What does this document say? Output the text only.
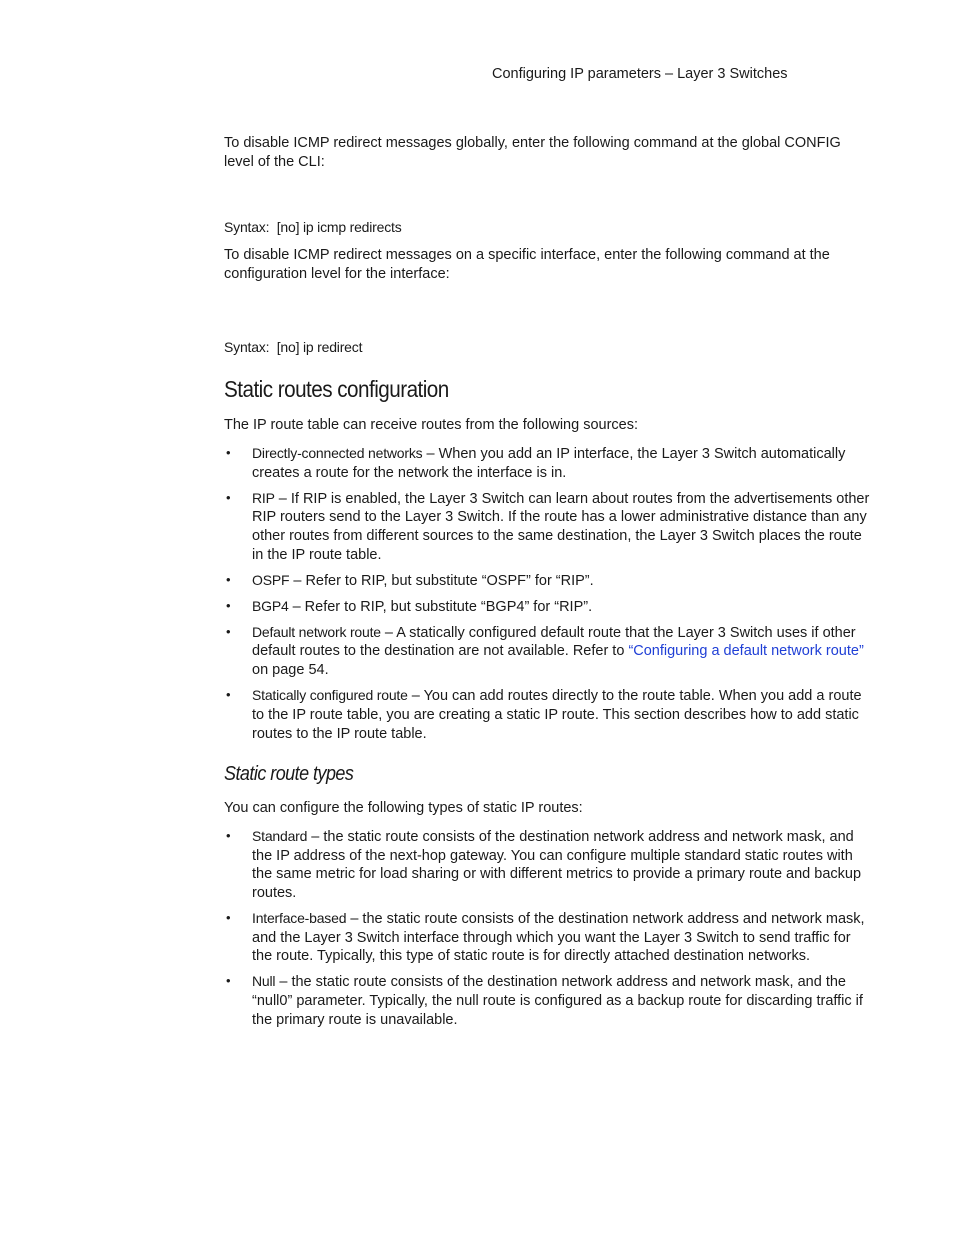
Configuring IP parameters – Layer 3 Switches

To disable ICMP redirect messages globally, enter the following command at the global CONFIG level of the CLI:

Syntax: [no] ip icmp redirects

To disable ICMP redirect messages on a specific interface, enter the following command at the configuration level for the interface:

Syntax: [no] ip redirect

Static routes configuration

The IP route table can receive routes from the following sources:

• Directly-connected networks – When you add an IP interface, the Layer 3 Switch automatically creates a route for the network the interface is in.
• RIP – If RIP is enabled, the Layer 3 Switch can learn about routes from the advertisements other RIP routers send to the Layer 3 Switch. If the route has a lower administrative distance than any other routes from different sources to the same destination, the Layer 3 Switch places the route in the IP route table.
• OSPF – Refer to RIP, but substitute “OSPF” for “RIP”.
• BGP4 – Refer to RIP, but substitute “BGP4” for “RIP”.
• Default network route – A statically configured default route that the Layer 3 Switch uses if other default routes to the destination are not available. Refer to “Configuring a default network route” on page 54.
• Statically configured route – You can add routes directly to the route table. When you add a route to the IP route table, you are creating a static IP route. This section describes how to add static routes to the IP route table.
Static route types

You can configure the following types of static IP routes:

• Standard – the static route consists of the destination network address and network mask, and the IP address of the next-hop gateway. You can configure multiple standard static routes with the same metric for load sharing or with different metrics to provide a primary route and backup routes.
• Interface-based – the static route consists of the destination network address and network mask, and the Layer 3 Switch interface through which you want the Layer 3 Switch to send traffic for the route. Typically, this type of static route is for directly attached destination networks.
• Null – the static route consists of the destination network address and network mask, and the “null0” parameter. Typically, the null route is configured as a backup route for discarding traffic if the primary route is unavailable.
